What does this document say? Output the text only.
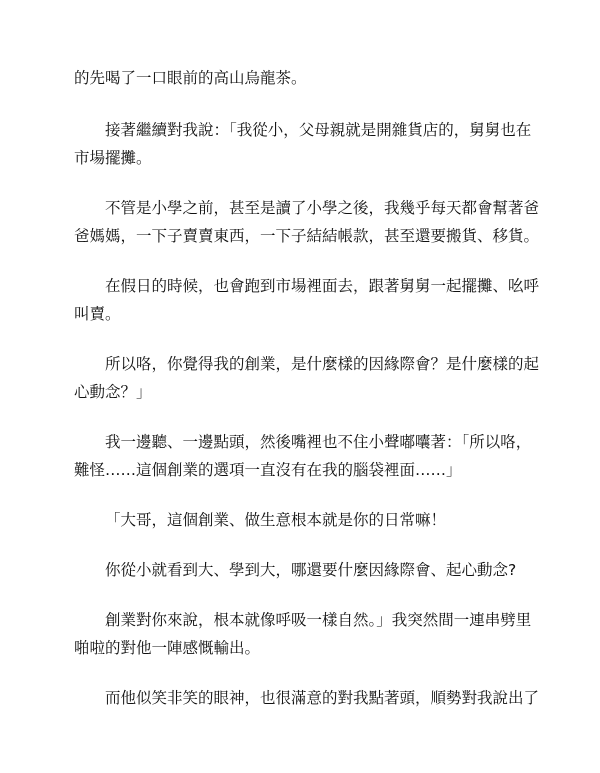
的先喝了一口眼前的高山烏龍茶。

接著繼續對我說：「我從小，父母親就是開雜貨店的，舅舅也在

市場擺攤。

不管是小學之前，甚至是讀了小學之後，我幾乎每天都會幫著爸

爸媽媽，一下子賣賣東西，一下子結結帳款，甚至還要搬貨、移貨。

在假日的時候，也會跑到市場裡面去，跟著舅舅一起擺攤、吆呼

叫賣。

所以咯，你覺得我的創業，是什麼樣的因緣際會？是什麼樣的起

心動念？」

我一邊聽、一邊點頭，然後嘴裡也不住小聲嘟囔著：「所以咯，

難怪……這個創業的選項一直沒有在我的腦袋裡面……」

「大哥，這個創業、做生意根本就是你的日常嘛！

你從小就看到大、學到大，哪還要什麼因緣際會、起心動念?

創業對你來說，根本就像呼吸一樣自然。」我突然間一連串劈里

啪啦的對他一陣感慨輸出。

而他似笑非笑的眼神，也很滿意的對我點著頭，順勢對我說出了
